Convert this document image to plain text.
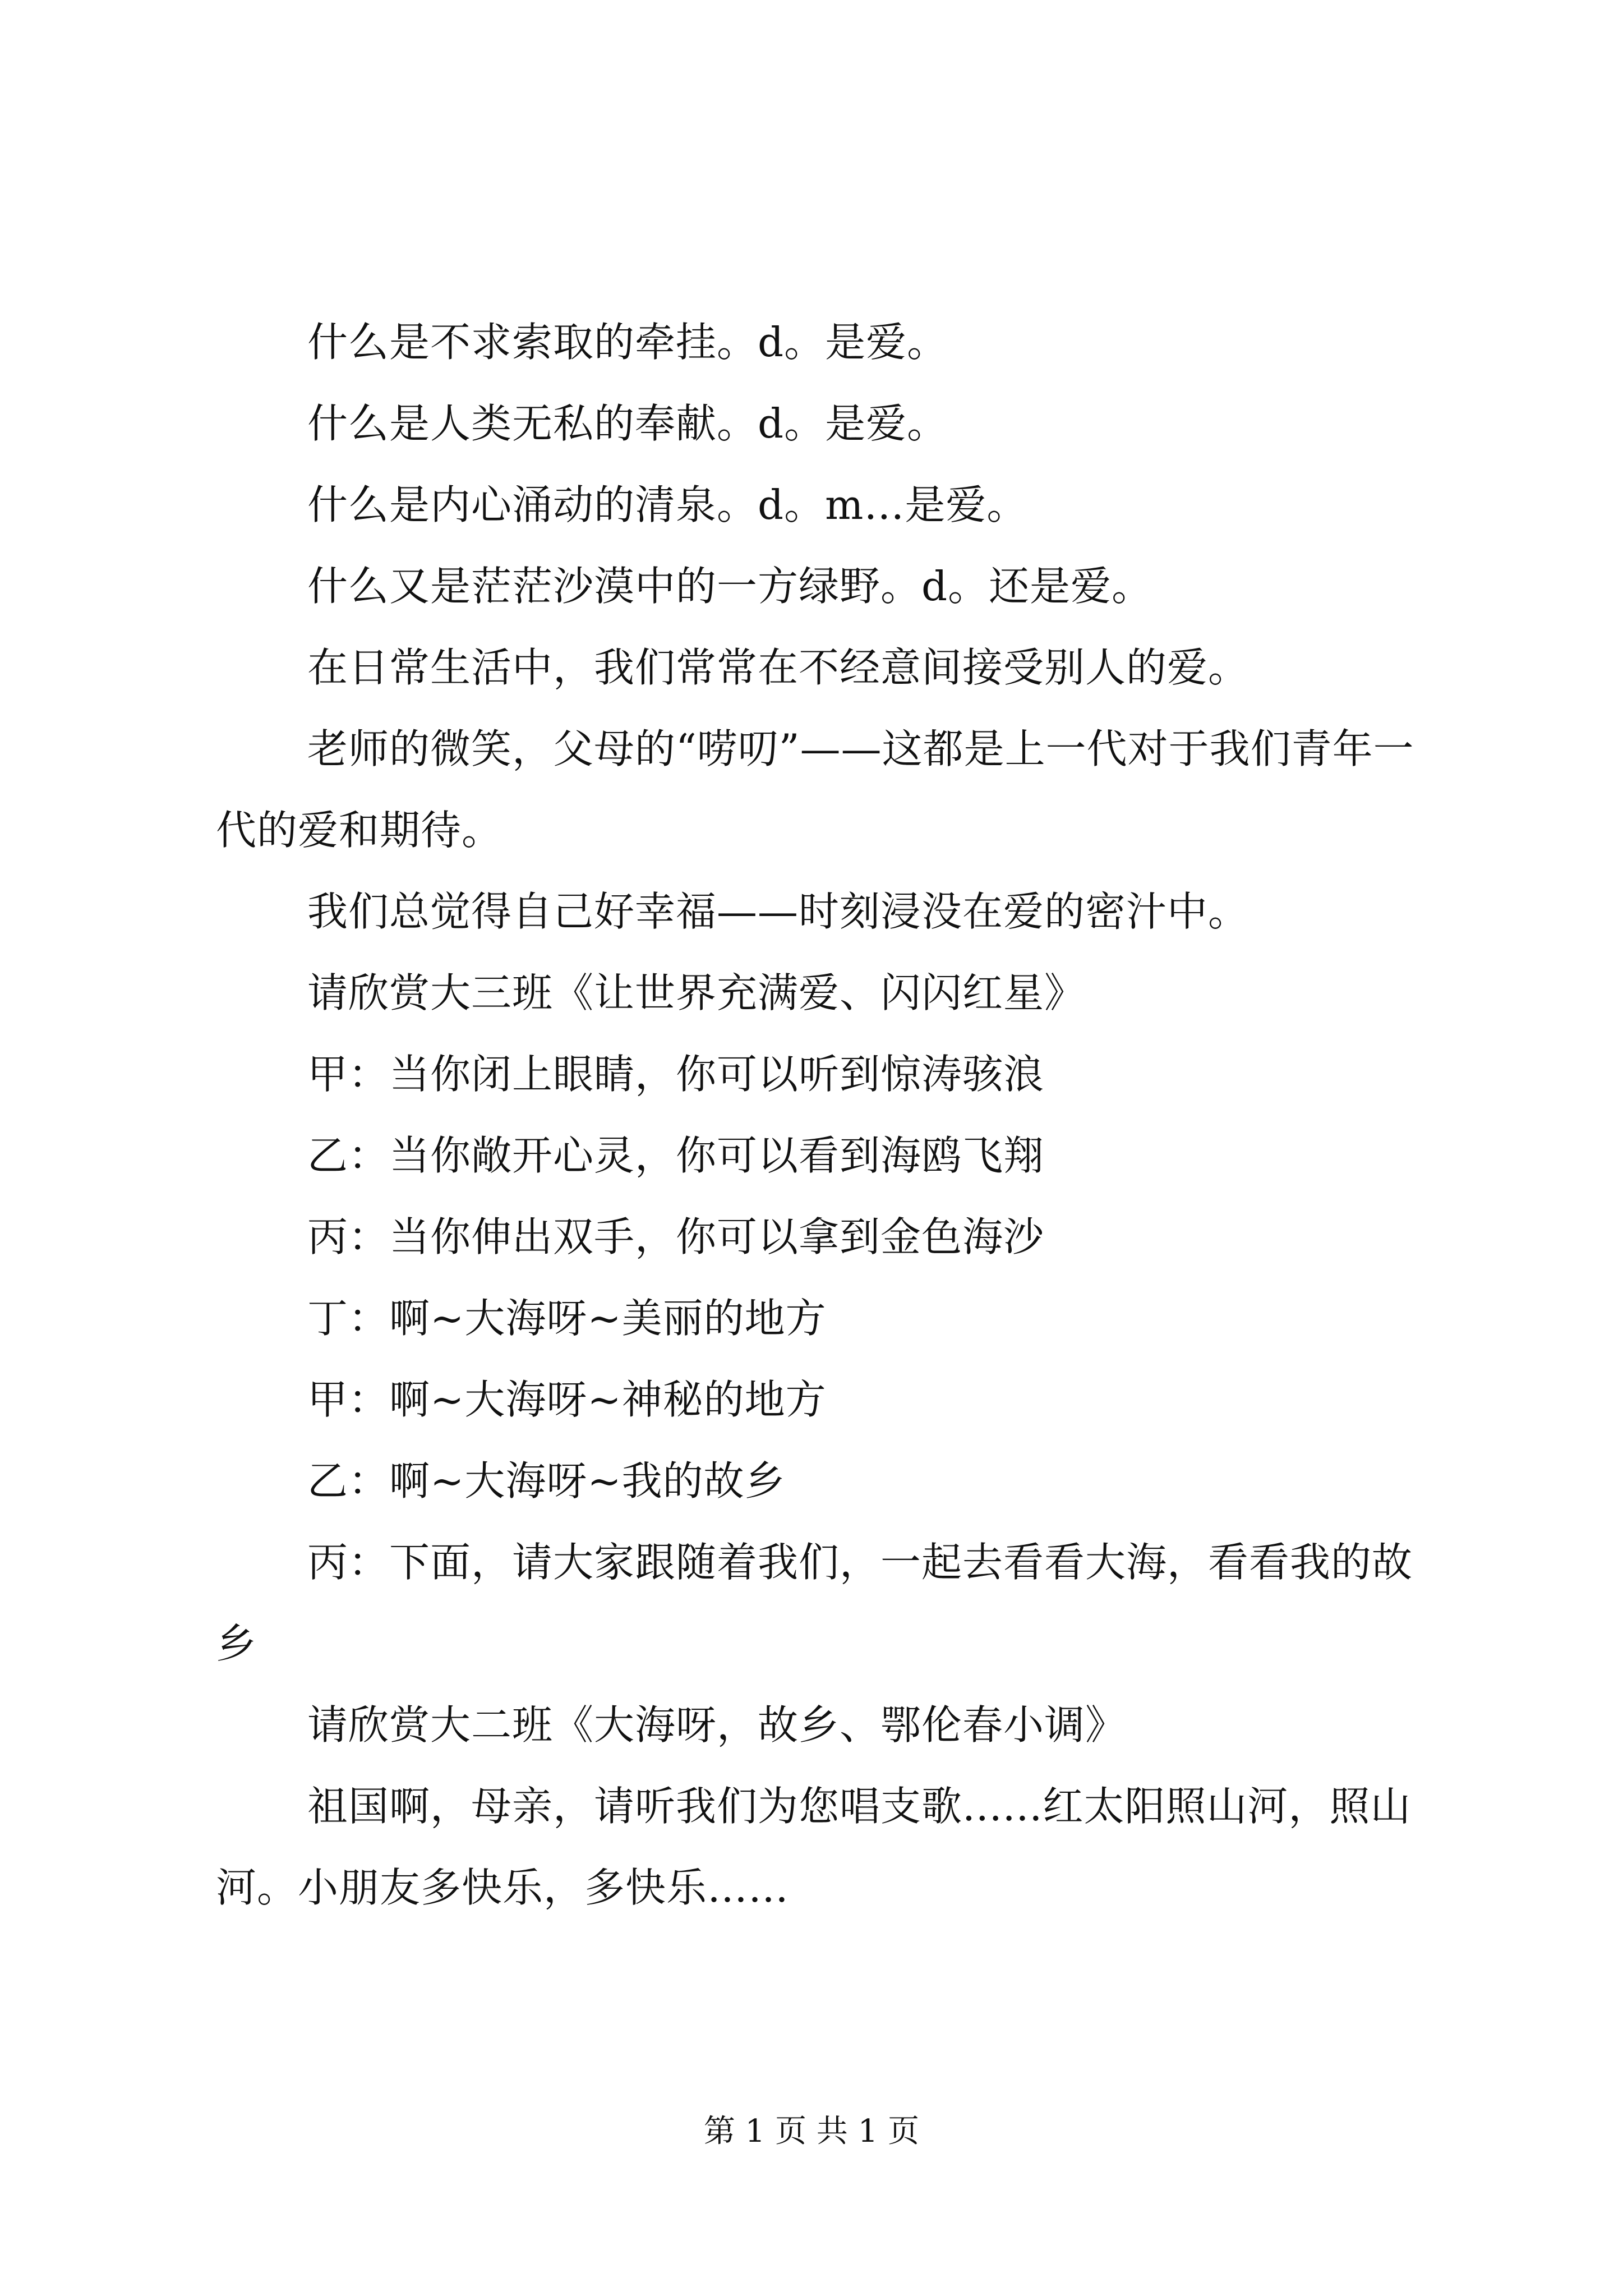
什么是不求索取的牵挂。d。是爱。

什么是人类无私的奉献。d。是爱。

什么是内心涌动的清泉。d。m…是爱。

什么又是茫茫沙漠中的一方绿野。d。还是爱。

在日常生活中，我们常常在不经意间接受别人的爱。

老师的微笑，父母的“唠叨”——这都是上一代对于我们青年一代的爱和期待。

我们总觉得自己好幸福——时刻浸没在爱的密汁中。

请欣赏大三班《让世界充满爱、闪闪红星》

甲：当你闭上眼睛，你可以听到惊涛骇浪

乙：当你敞开心灵，你可以看到海鸥飞翔

丙：当你伸出双手，你可以拿到金色海沙

丁：啊~大海呀~美丽的地方

甲：啊~大海呀~神秘的地方

乙：啊~大海呀~我的故乡

丙：下面，请大家跟随着我们，一起去看看大海，看看我的故乡

请欣赏大二班《大海呀，故乡、鄂伦春小调》

祖国啊，母亲，请听我们为您唱支歌......红太阳照山河，照山河。小朋友多快乐，多快乐……

第 1 页 共 1 页
